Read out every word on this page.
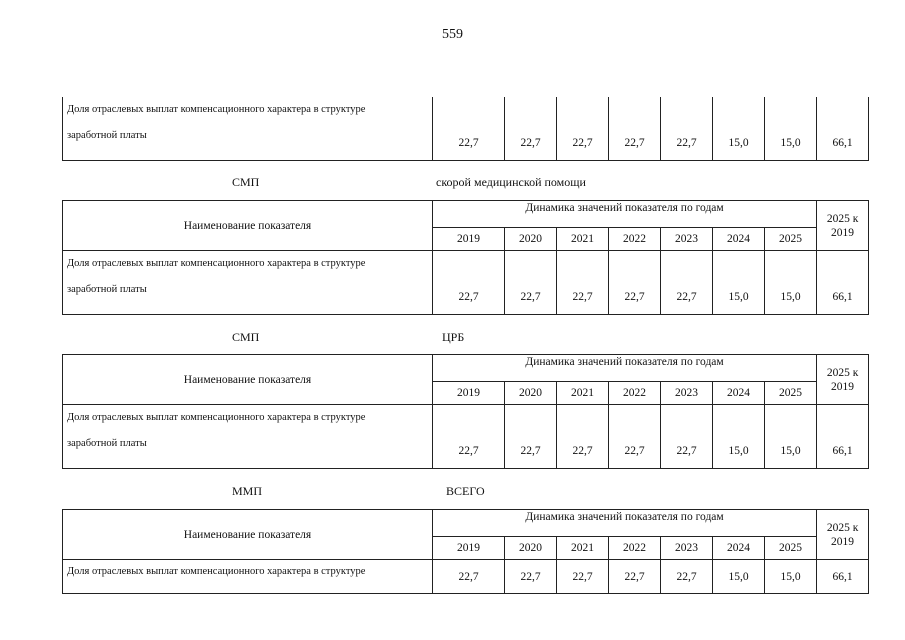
559
Доля отраслевых выплат компенсационного характера в структуре
заработной платы
	22,7	22,7	22,7	22,7	22,7	15,0	15,0	66,1
СМП	скорой медицинской помощи
Наименование показателя	Динамика значений показателя по годам							2025 к
2019

	2019	2020	2021	2022	2023	2024	2025	

Доля отраслевых выплат компенсационного характера в структуре
заработной платы	22,7	22,7	22,7	22,7	22,7	15,0	15,0	66,1
СМП	ЦРБ
Наименование показателя	Динамика значений показателя по годам							2025 к
2019

	2019	2020	2021	2022	2023	2024	2025	

Доля отраслевых выплат компенсационного характера в структуре
заработной платы	22,7	22,7	22,7	22,7	22,7	15,0	15,0	66,1
ММП	ВСЕГО
Наименование показателя	Динамика значений показателя по годам							2025 к
2019

	2019	2020	2021	2022	2023	2024	2025	

Доля отраслевых выплат компенсационного характера в структуре	22,7	22,7	22,7	22,7	22,7	15,0	15,0	66,1
